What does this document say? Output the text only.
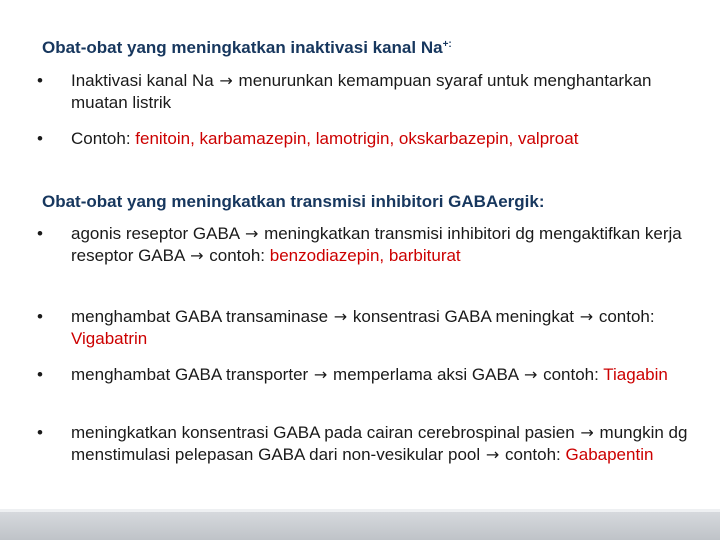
Obat-obat yang meningkatkan inaktivasi kanal Na+:
•	Inaktivasi kanal Na → menurunkan kemampuan syaraf untuk menghantarkan muatan listrik
•	Contoh: fenitoin, karbamazepin, lamotrigin, okskarbazepin, valproat
Obat-obat yang meningkatkan transmisi inhibitori GABAergik:
•	agonis reseptor GABA → meningkatkan transmisi inhibitori dg mengaktifkan kerja reseptor GABA → contoh: benzodiazepin, barbiturat
•	menghambat GABA transaminase → konsentrasi GABA meningkat → contoh: Vigabatrin
•	menghambat GABA transporter → memperlama aksi GABA → contoh: Tiagabin
•	meningkatkan konsentrasi GABA pada cairan cerebrospinal pasien → mungkin dg menstimulasi pelepasan GABA dari non-vesikular pool → contoh: Gabapentin
